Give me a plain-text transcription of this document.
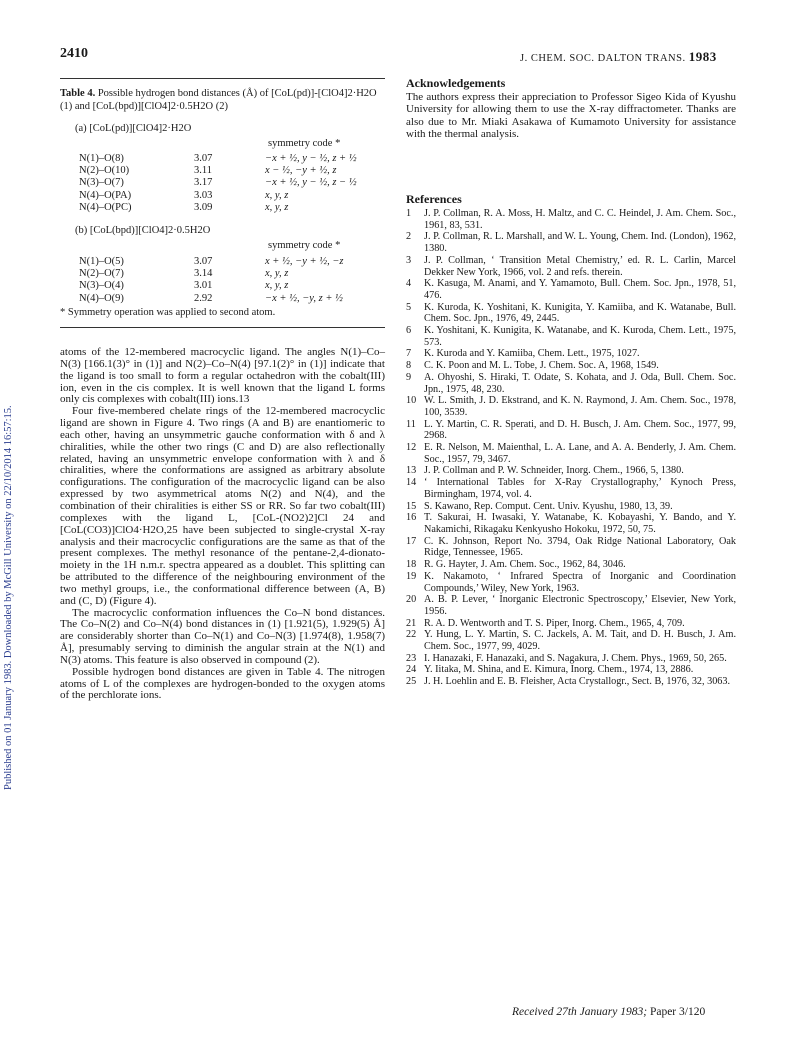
Published on 01 January 1983. Downloaded by McGill University on 22/10/2014 16:57:15.
2410	J. CHEM. SOC. DALTON TRANS. 1983
Table 4. Possible hydrogen bond distances (Å) of [CoL(pd)]-[ClO4]2·H2O (1) and [CoL(bpd)][ClO4]2·0.5H2O (2)
(a) [CoL(pd)][ClO4]2·H2O
symmetry code *
N(1)–O(8)	3.07	−x + ½, y − ½, z + ½
N(2)–O(10)	3.11	x − ½, −y + ½, z
N(3)–O(7)	3.17	−x + ½, y − ½, z − ½
N(4)–O(PA)	3.03	x, y, z
N(4)–O(PC)	3.09	x, y, z
(b) [CoL(bpd)][ClO4]2·0.5H2O
symmetry code *
N(1)–O(5)	3.07	x + ½, −y + ½, −z
N(2)–O(7)	3.14	x, y, z
N(3)–O(4)	3.01	x, y, z
N(4)–O(9)	2.92	−x + ½, −y, z + ½
* Symmetry operation was applied to second atom.

atoms of the 12-membered macrocyclic ligand. The angles N(1)–Co–N(3) [166.1(3)° in (1)] and N(2)–Co–N(4) [97.1(2)° in (1)] indicate that the ligand is too small to form a regular octahedron with the cobalt(III) ion, even in the cis complex. It is well known that the ligand L forms only cis complexes with cobalt(III) ions.13

Four five-membered chelate rings of the 12-membered macrocyclic ligand are shown in Figure 4. Two rings (A and B) are enantiomeric to each other, having an unsymmetric gauche conformation with δ and λ chiralities, while the other two rings (C and D) are also reflectionally related, having an unsymmetric envelope conformation with λ and δ chiralities, where the conformations are assigned as arbitrary absolute configurations. The configuration of the macrocyclic ligand can be also expressed by two asymmetrical atoms N(2) and N(4), and the combination of their chiralities is either SS or RR. So far two cobalt(III) complexes with the ligand L, [CoL-(NO2)2]Cl 24 and [CoL(CO3)]ClO4·H2O,25 have been subjected to single-crystal X-ray analysis and their macrocyclic configurations are the same as that of the present complexes. The methyl resonance of the pentane-2,4-dionato-moiety in the 1H n.m.r. spectra appeared as a doublet. This splitting can be attributed to the difference of the neighbouring environment of the two methyl groups, i.e., the conformational difference between (A, B) and (C, D) (Figure 4).

The macrocyclic conformation influences the Co–N bond distances. The Co–N(2) and Co–N(4) bond distances in (1) [1.921(5), 1.929(5) Å] are considerably shorter than Co–N(1) and Co–N(3) [1.974(8), 1.958(7) Å], presumably serving to diminish the angular strain at the N(1) and N(3) atoms. This feature is also observed in compound (2).

Possible hydrogen bond distances are given in Table 4. The nitrogen atoms of L of the complexes are hydrogen-bonded to the oxygen atoms of the perchlorate ions.

Acknowledgements
The authors express their appreciation to Professor Sigeo Kida of Kyushu University for allowing them to use the X-ray diffractometer. Thanks are also due to Mr. Miaki Asakawa of Kumamoto University for assistance with the thermal analysis.
References
1 J. P. Collman, R. A. Moss, H. Maltz, and C. C. Heindel, J. Am. Chem. Soc., 1961, 83, 531.
2 J. P. Collman, R. L. Marshall, and W. L. Young, Chem. Ind. (London), 1962, 1380.
3 J. P. Collman, ‘ Transition Metal Chemistry,’ ed. R. L. Carlin, Marcel Dekker New York, 1966, vol. 2 and refs. therein.
4 K. Kasuga, M. Anami, and Y. Yamamoto, Bull. Chem. Soc. Jpn., 1978, 51, 476.
5 K. Kuroda, K. Yoshitani, K. Kunigita, Y. Kamiiba, and K. Watanabe, Bull. Chem. Soc. Jpn., 1976, 49, 2445.
6 K. Yoshitani, K. Kunigita, K. Watanabe, and K. Kuroda, Chem. Lett., 1975, 573.
7 K. Kuroda and Y. Kamiiba, Chem. Lett., 1975, 1027.
8 C. K. Poon and M. L. Tobe, J. Chem. Soc. A, 1968, 1549.
9 A. Ohyoshi, S. Hiraki, T. Odate, S. Kohata, and J. Oda, Bull. Chem. Soc. Jpn., 1975, 48, 230.
10 W. L. Smith, J. D. Ekstrand, and K. N. Raymond, J. Am. Chem. Soc., 1978, 100, 3539.
11 L. Y. Martin, C. R. Sperati, and D. H. Busch, J. Am. Chem. Soc., 1977, 99, 2968.
12 E. R. Nelson, M. Maienthal, L. A. Lane, and A. A. Benderly, J. Am. Chem. Soc., 1957, 79, 3467.
13 J. P. Collman and P. W. Schneider, Inorg. Chem., 1966, 5, 1380.
14 ‘ International Tables for X-Ray Crystallography,’ Kynoch Press, Birmingham, 1974, vol. 4.
15 S. Kawano, Rep. Comput. Cent. Univ. Kyushu, 1980, 13, 39.
16 T. Sakurai, H. Iwasaki, Y. Watanabe, K. Kobayashi, Y. Bando, and Y. Nakamichi, Rikagaku Kenkyusho Hokoku, 1972, 50, 75.
17 C. K. Johnson, Report No. 3794, Oak Ridge National Laboratory, Oak Ridge, Tennessee, 1965.
18 R. G. Hayter, J. Am. Chem. Soc., 1962, 84, 3046.
19 K. Nakamoto, ‘ Infrared Spectra of Inorganic and Coordination Compounds,’ Wiley, New York, 1963.
20 A. B. P. Lever, ‘ Inorganic Electronic Spectroscopy,’ Elsevier, New York, 1956.
21 R. A. D. Wentworth and T. S. Piper, Inorg. Chem., 1965, 4, 709.
22 Y. Hung, L. Y. Martin, S. C. Jackels, A. M. Tait, and D. H. Busch, J. Am. Chem. Soc., 1977, 99, 4029.
23 I. Hanazaki, F. Hanazaki, and S. Nagakura, J. Chem. Phys., 1969, 50, 265.
24 Y. Iitaka, M. Shina, and E. Kimura, Inorg. Chem., 1974, 13, 2886.
25 J. H. Loehlin and E. B. Fleisher, Acta Crystallogr., Sect. B, 1976, 32, 3063.
Received 27th January 1983; Paper 3/120
